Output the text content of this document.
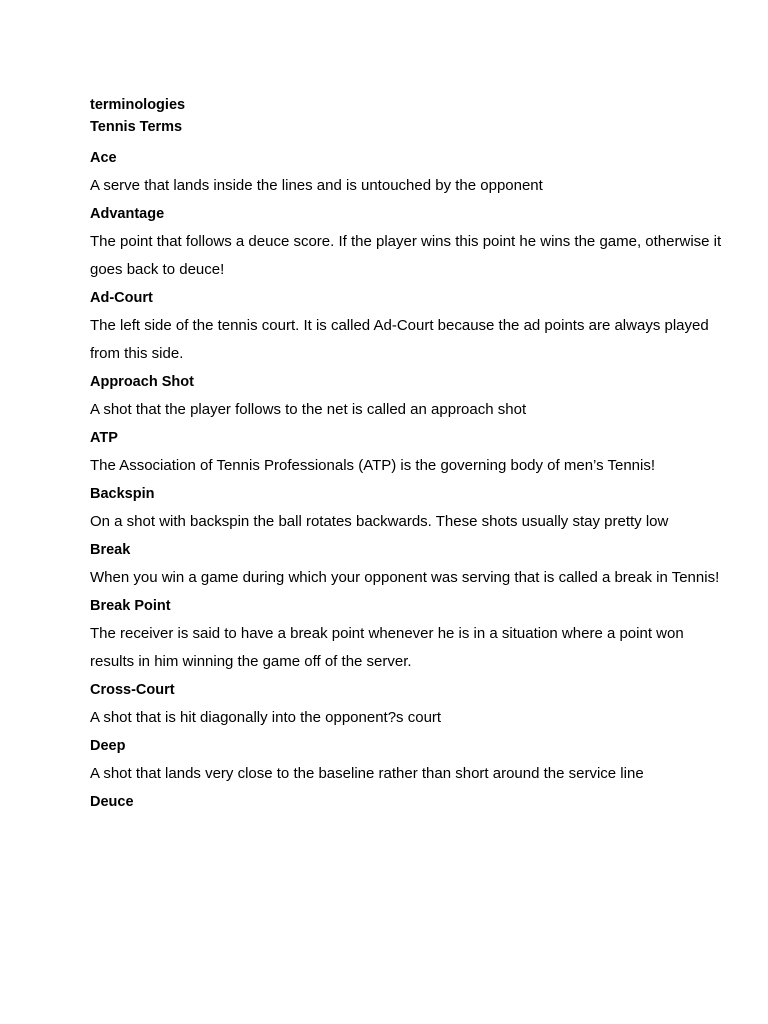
terminologies

Tennis Terms

Ace

A serve that lands inside the lines and is untouched by the opponent

Advantage

The point that follows a deuce score. If the player wins this point he wins the game, otherwise it goes back to deuce!

Ad-Court

The left side of the tennis court. It is called Ad-Court because the ad points are always played from this side.

Approach Shot

A shot that the player follows to the net is called an approach shot

ATP

The Association of Tennis Professionals (ATP) is the governing body of men’s Tennis!

Backspin

On a shot with backspin the ball rotates backwards. These shots usually stay pretty low

Break

When you win a game during which your opponent was serving that is called a break in Tennis!

Break Point

The receiver is said to have a break point whenever he is in a situation where a point won results in him winning the game off of the server.

Cross-Court

A shot that is hit diagonally into the opponent?s court

Deep

A shot that lands very close to the baseline rather than short around the service line

Deuce
